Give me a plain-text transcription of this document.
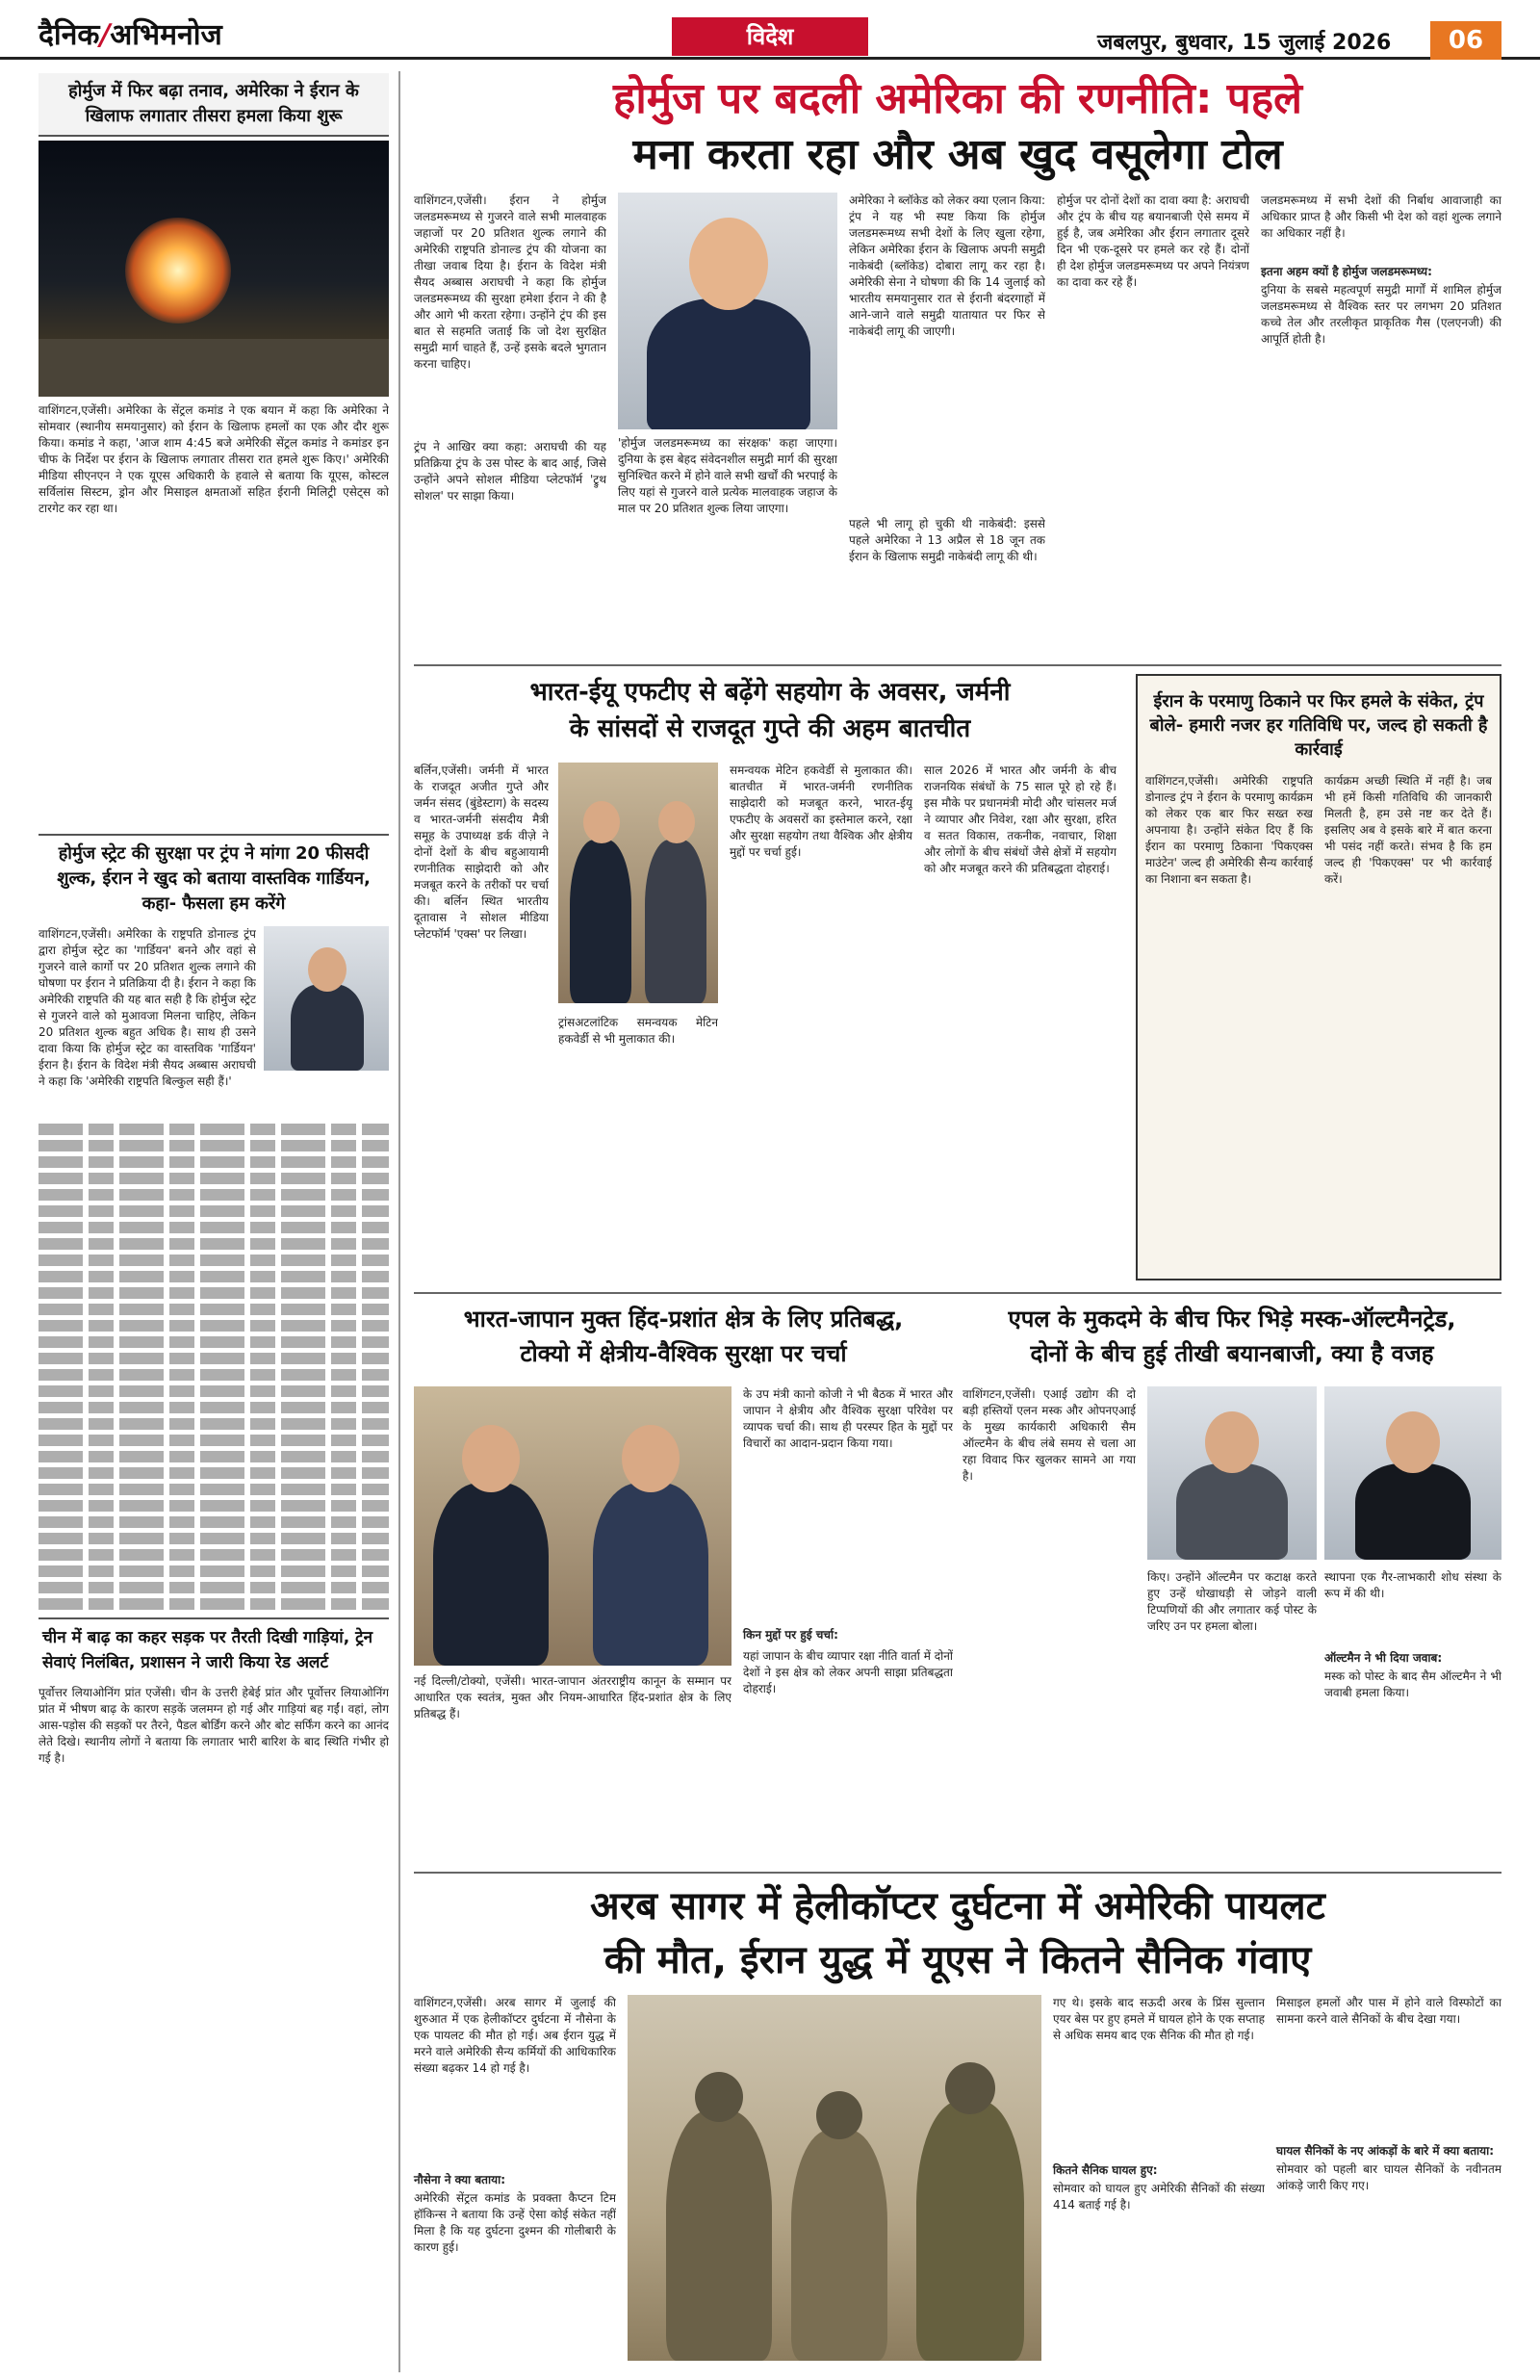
दैनिक/अभिमनोज	विदेश	जबलपुर, बुधवार, 15 जुलाई 2026	06
होर्मुज में फिर बढ़ा तनाव, अमेरिका ने ईरान के खिलाफ लगातार तीसरा हमला किया शुरू
वाशिंगटन,एजेंसी। अमेरिका के सेंट्रल कमांड ने एक बयान में कहा कि अमेरिका ने सोमवार (स्थानीय समयानुसार) को ईरान के खिलाफ हमलों का एक और दौर शुरू किया। कमांड ने कहा, 'आज शाम 4:45 बजे अमेरिकी सेंट्रल कमांड ने कमांडर इन चीफ के निर्देश पर ईरान के खिलाफ लगातार तीसरा रात हमले शुरू किए।' अमेरिकी मीडिया सीएनएन ने एक यूएस अधिकारी के हवाले से बताया कि यूएस, कोस्टल सर्विलांस सिस्टम, ड्रोन और मिसाइल क्षमताओं सहित ईरानी मिलिट्री एसेट्स को टारगेट कर रहा था।
होर्मुज स्ट्रेट की सुरक्षा पर ट्रंप ने मांगा 20 फीसदी शुल्क, ईरान ने खुद को बताया वास्तविक गार्डियन, कहा- फैसला हम करेंगे
वाशिंगटन,एजेंसी। अमेरिका के राष्ट्रपति डोनाल्ड ट्रंप द्वारा होर्मुज स्ट्रेट का 'गार्डियन' बनने और वहां से गुजरने वाले कार्गो पर 20 प्रतिशत शुल्क लगाने की घोषणा पर ईरान ने प्रतिक्रिया दी है। ईरान ने कहा कि अमेरिकी राष्ट्रपति की यह बात सही है कि होर्मुज स्ट्रेट से गुजरने वाले को मुआवजा मिलना चाहिए, लेकिन 20 प्रतिशत शुल्क बहुत अधिक है। साथ ही उसने दावा किया कि होर्मुज स्ट्रेट का वास्तविक 'गार्डियन' ईरान है। ईरान के विदेश मंत्री सैयद अब्बास अराघची ने कहा कि 'अमेरिकी राष्ट्रपति बिल्कुल सही हैं।'
चीन में बाढ़ का कहर सड़क पर तैरती दिखी गाड़ियां, ट्रेन सेवाएं निलंबित, प्रशासन ने जारी किया रेड अलर्ट
पूर्वोत्तर लियाओनिंग प्रांत एजेंसी। चीन के उत्तरी हेबेई प्रांत और पूर्वोत्तर लियाओनिंग प्रांत में भीषण बाढ़ के कारण सड़कें जलमग्न हो गई और गाड़ियां बह गईं। वहां, लोग आस-पड़ोस की सड़कों पर तैरने, पैडल बोर्डिंग करने और बोट सर्फिंग करने का आनंद लेते दिखे। स्थानीय लोगों ने बताया कि लगातार भारी बारिश के बाद स्थिति गंभीर हो गई है।
होर्मुज पर बदली अमेरिका की रणनीति: पहले
मना करता रहा और अब खुद वसूलेगा टोल
वाशिंगटन,एजेंसी। ईरान ने होर्मुज जलडमरूमध्य से गुजरने वाले सभी मालवाहक जहाजों पर 20 प्रतिशत शुल्क लगाने की अमेरिकी राष्ट्रपति डोनाल्ड ट्रंप की योजना का तीखा जवाब दिया है। ईरान के विदेश मंत्री सैयद अब्बास अराघची ने कहा कि होर्मुज जलडमरूमध्य की सुरक्षा हमेशा ईरान ने की है और आगे भी करता रहेगा। उन्होंने ट्रंप की इस बात से सहमति जताई कि जो देश सुरक्षित समुद्री मार्ग चाहते हैं, उन्हें इसके बदले भुगतान करना चाहिए।
ट्रंप ने आखिर क्या कहा: अराघची की यह प्रतिक्रिया ट्रंप के उस पोस्ट के बाद आई, जिसे उन्होंने अपने सोशल मीडिया प्लेटफॉर्म 'ट्रुथ सोशल' पर साझा किया।
'होर्मुज जलडमरूमध्य का संरक्षक' कहा जाएगा। दुनिया के इस बेहद संवेदनशील समुद्री मार्ग की सुरक्षा सुनिश्चित करने में होने वाले सभी खर्चों की भरपाई के लिए यहां से गुजरने वाले प्रत्येक मालवाहक जहाज के माल पर 20 प्रतिशत शुल्क लिया जाएगा।
अमेरिका ने ब्लॉकेड को लेकर क्या एलान किया: ट्रंप ने यह भी स्पष्ट किया कि होर्मुज जलडमरूमध्य सभी देशों के लिए खुला रहेगा, लेकिन अमेरिका ईरान के खिलाफ अपनी समुद्री नाकेबंदी (ब्लॉकेड) दोबारा लागू कर रहा है। अमेरिकी सेना ने घोषणा की कि 14 जुलाई को भारतीय समयानुसार रात से ईरानी बंदरगाहों में आने-जाने वाले समुद्री यातायात पर फिर से नाकेबंदी लागू की जाएगी।
पहले भी लागू हो चुकी थी नाकेबंदी: इससे पहले अमेरिका ने 13 अप्रैल से 18 जून तक ईरान के खिलाफ समुद्री नाकेबंदी लागू की थी।
होर्मुज पर दोनों देशों का दावा क्या है: अराघची और ट्रंप के बीच यह बयानबाजी ऐसे समय में हुई है, जब अमेरिका और ईरान लगातार दूसरे दिन भी एक-दूसरे पर हमले कर रहे हैं। दोनों ही देश होर्मुज जलडमरूमध्य पर अपने नियंत्रण का दावा कर रहे हैं।
जलडमरूमध्य में सभी देशों की निर्बाध आवाजाही का अधिकार प्राप्त है और किसी भी देश को वहां शुल्क लगाने का अधिकार नहीं है।
इतना अहम क्यों है होर्मुज जलडमरूमध्य:
दुनिया के सबसे महत्वपूर्ण समुद्री मार्गों में शामिल होर्मुज जलडमरूमध्य से वैश्विक स्तर पर लगभग 20 प्रतिशत कच्चे तेल और तरलीकृत प्राकृतिक गैस (एलएनजी) की आपूर्ति होती है।
भारत-ईयू एफटीए से बढ़ेंगे सहयोग के अवसर, जर्मनी
के सांसदों से राजदूत गुप्ते की अहम बातचीत
बर्लिन,एजेंसी। जर्मनी में भारत के राजदूत अजीत गुप्ते और जर्मन संसद (बुंडेस्टाग) के सदस्य व भारत-जर्मनी संसदीय मैत्री समूह के उपाध्यक्ष डर्क वीज़े ने दोनों देशों के बीच बहुआयामी रणनीतिक साझेदारी को और मजबूत करने के तरीकों पर चर्चा की। बर्लिन स्थित भारतीय दूतावास ने सोशल मीडिया प्लेटफॉर्म 'एक्स' पर लिखा।
ट्रांसअटलांटिक समन्वयक मेटिन हकवेर्डी से भी मुलाकात की।
समन्वयक मेटिन हकवेर्डी से मुलाकात की। बातचीत में भारत-जर्मनी रणनीतिक साझेदारी को मजबूत करने, भारत-ईयू एफटीए के अवसरों का इस्तेमाल करने, रक्षा और सुरक्षा सहयोग तथा वैश्विक और क्षेत्रीय मुद्दों पर चर्चा हुई।
साल 2026 में भारत और जर्मनी के बीच राजनयिक संबंधों के 75 साल पूरे हो रहे हैं। इस मौके पर प्रधानमंत्री मोदी और चांसलर मर्ज ने व्यापार और निवेश, रक्षा और सुरक्षा, हरित व सतत विकास, तकनीक, नवाचार, शिक्षा और लोगों के बीच संबंधों जैसे क्षेत्रों में सहयोग को और मजबूत करने की प्रतिबद्धता दोहराई।
ईरान के परमाणु ठिकाने पर फिर हमले के संकेत, ट्रंप बोले- हमारी नजर हर गतिविधि पर, जल्द हो सकती है कार्रवाई
वाशिंगटन,एजेंसी। अमेरिकी राष्ट्रपति डोनाल्ड ट्रंप ने ईरान के परमाणु कार्यक्रम को लेकर एक बार फिर सख्त रुख अपनाया है। उन्होंने संकेत दिए हैं कि ईरान का परमाणु ठिकाना 'पिकएक्स माउंटेन' जल्द ही अमेरिकी सैन्य कार्रवाई का निशाना बन सकता है।
कार्यक्रम अच्छी स्थिति में नहीं है। जब भी हमें किसी गतिविधि की जानकारी मिलती है, हम उसे नष्ट कर देते हैं। इसलिए अब वे इसके बारे में बात करना भी पसंद नहीं करते। संभव है कि हम जल्द ही 'पिकएक्स' पर भी कार्रवाई करें।
भारत-जापान मुक्त हिंद-प्रशांत क्षेत्र के लिए प्रतिबद्ध,
टोक्यो में क्षेत्रीय-वैश्विक सुरक्षा पर चर्चा
नई दिल्ली/टोक्यो, एजेंसी। भारत-जापान अंतरराष्ट्रीय कानून के सम्मान पर आधारित एक स्वतंत्र, मुक्त और नियम-आधारित हिंद-प्रशांत क्षेत्र के लिए प्रतिबद्ध हैं।
के उप मंत्री कानो कोजी ने भी बैठक में भारत और जापान ने क्षेत्रीय और वैश्विक सुरक्षा परिवेश पर व्यापक चर्चा की। साथ ही परस्पर हित के मुद्दों पर विचारों का आदान-प्रदान किया गया।
किन मुद्दों पर हुई चर्चा:
यहां जापान के बीच व्यापार रक्षा नीति वार्ता में दोनों देशों ने इस क्षेत्र को लेकर अपनी साझा प्रतिबद्धता दोहराई।
एपल के मुकदमे के बीच फिर भिड़े मस्क-ऑल्टमैनट्रेड,
दोनों के बीच हुई तीखी बयानबाजी, क्या है वजह
वाशिंगटन,एजेंसी। एआई उद्योग की दो बड़ी हस्तियों एलन मस्क और ओपनएआई के मुख्य कार्यकारी अधिकारी सैम ऑल्टमैन के बीच लंबे समय से चला आ रहा विवाद फिर खुलकर सामने आ गया है।
किए। उन्होंने ऑल्टमैन पर कटाक्ष करते हुए उन्हें धोखाधड़ी से जोड़ने वाली टिप्पणियों की और लगातार कई पोस्ट के जरिए उन पर हमला बोला।
स्थापना एक गैर-लाभकारी शोध संस्था के रूप में की थी।
ऑल्टमैन ने भी दिया जवाब:
मस्क को पोस्ट के बाद सैम ऑल्टमैन ने भी जवाबी हमला किया।
अरब सागर में हेलीकॉप्टर दुर्घटना में अमेरिकी पायलट
की मौत, ईरान युद्ध में यूएस ने कितने सैनिक गंवाए
वाशिंगटन,एजेंसी। अरब सागर में जुलाई की शुरुआत में एक हेलीकॉप्टर दुर्घटना में नौसेना के एक पायलट की मौत हो गई। अब ईरान युद्ध में मरने वाले अमेरिकी सैन्य कर्मियों की आधिकारिक संख्या बढ़कर 14 हो गई है।
नौसेना ने क्या बताया:
अमेरिकी सेंट्रल कमांड के प्रवक्ता कैप्टन टिम हॉकिन्स ने बताया कि उन्हें ऐसा कोई संकेत नहीं मिला है कि यह दुर्घटना दुश्मन की गोलीबारी के कारण हुई।
गए थे। इसके बाद सऊदी अरब के प्रिंस सुल्तान एयर बेस पर हुए हमले में घायल होने के एक सप्ताह से अधिक समय बाद एक सैनिक की मौत हो गई।
कितने सैनिक घायल हुए:
सोमवार को घायल हुए अमेरिकी सैनिकों की संख्या 414 बताई गई है।
मिसाइल हमलों और पास में होने वाले विस्फोटों का सामना करने वाले सैनिकों के बीच देखा गया।
घायल सैनिकों के नए आंकड़ों के बारे में क्या बताया:
सोमवार को पहली बार घायल सैनिकों के नवीनतम आंकड़े जारी किए गए।
